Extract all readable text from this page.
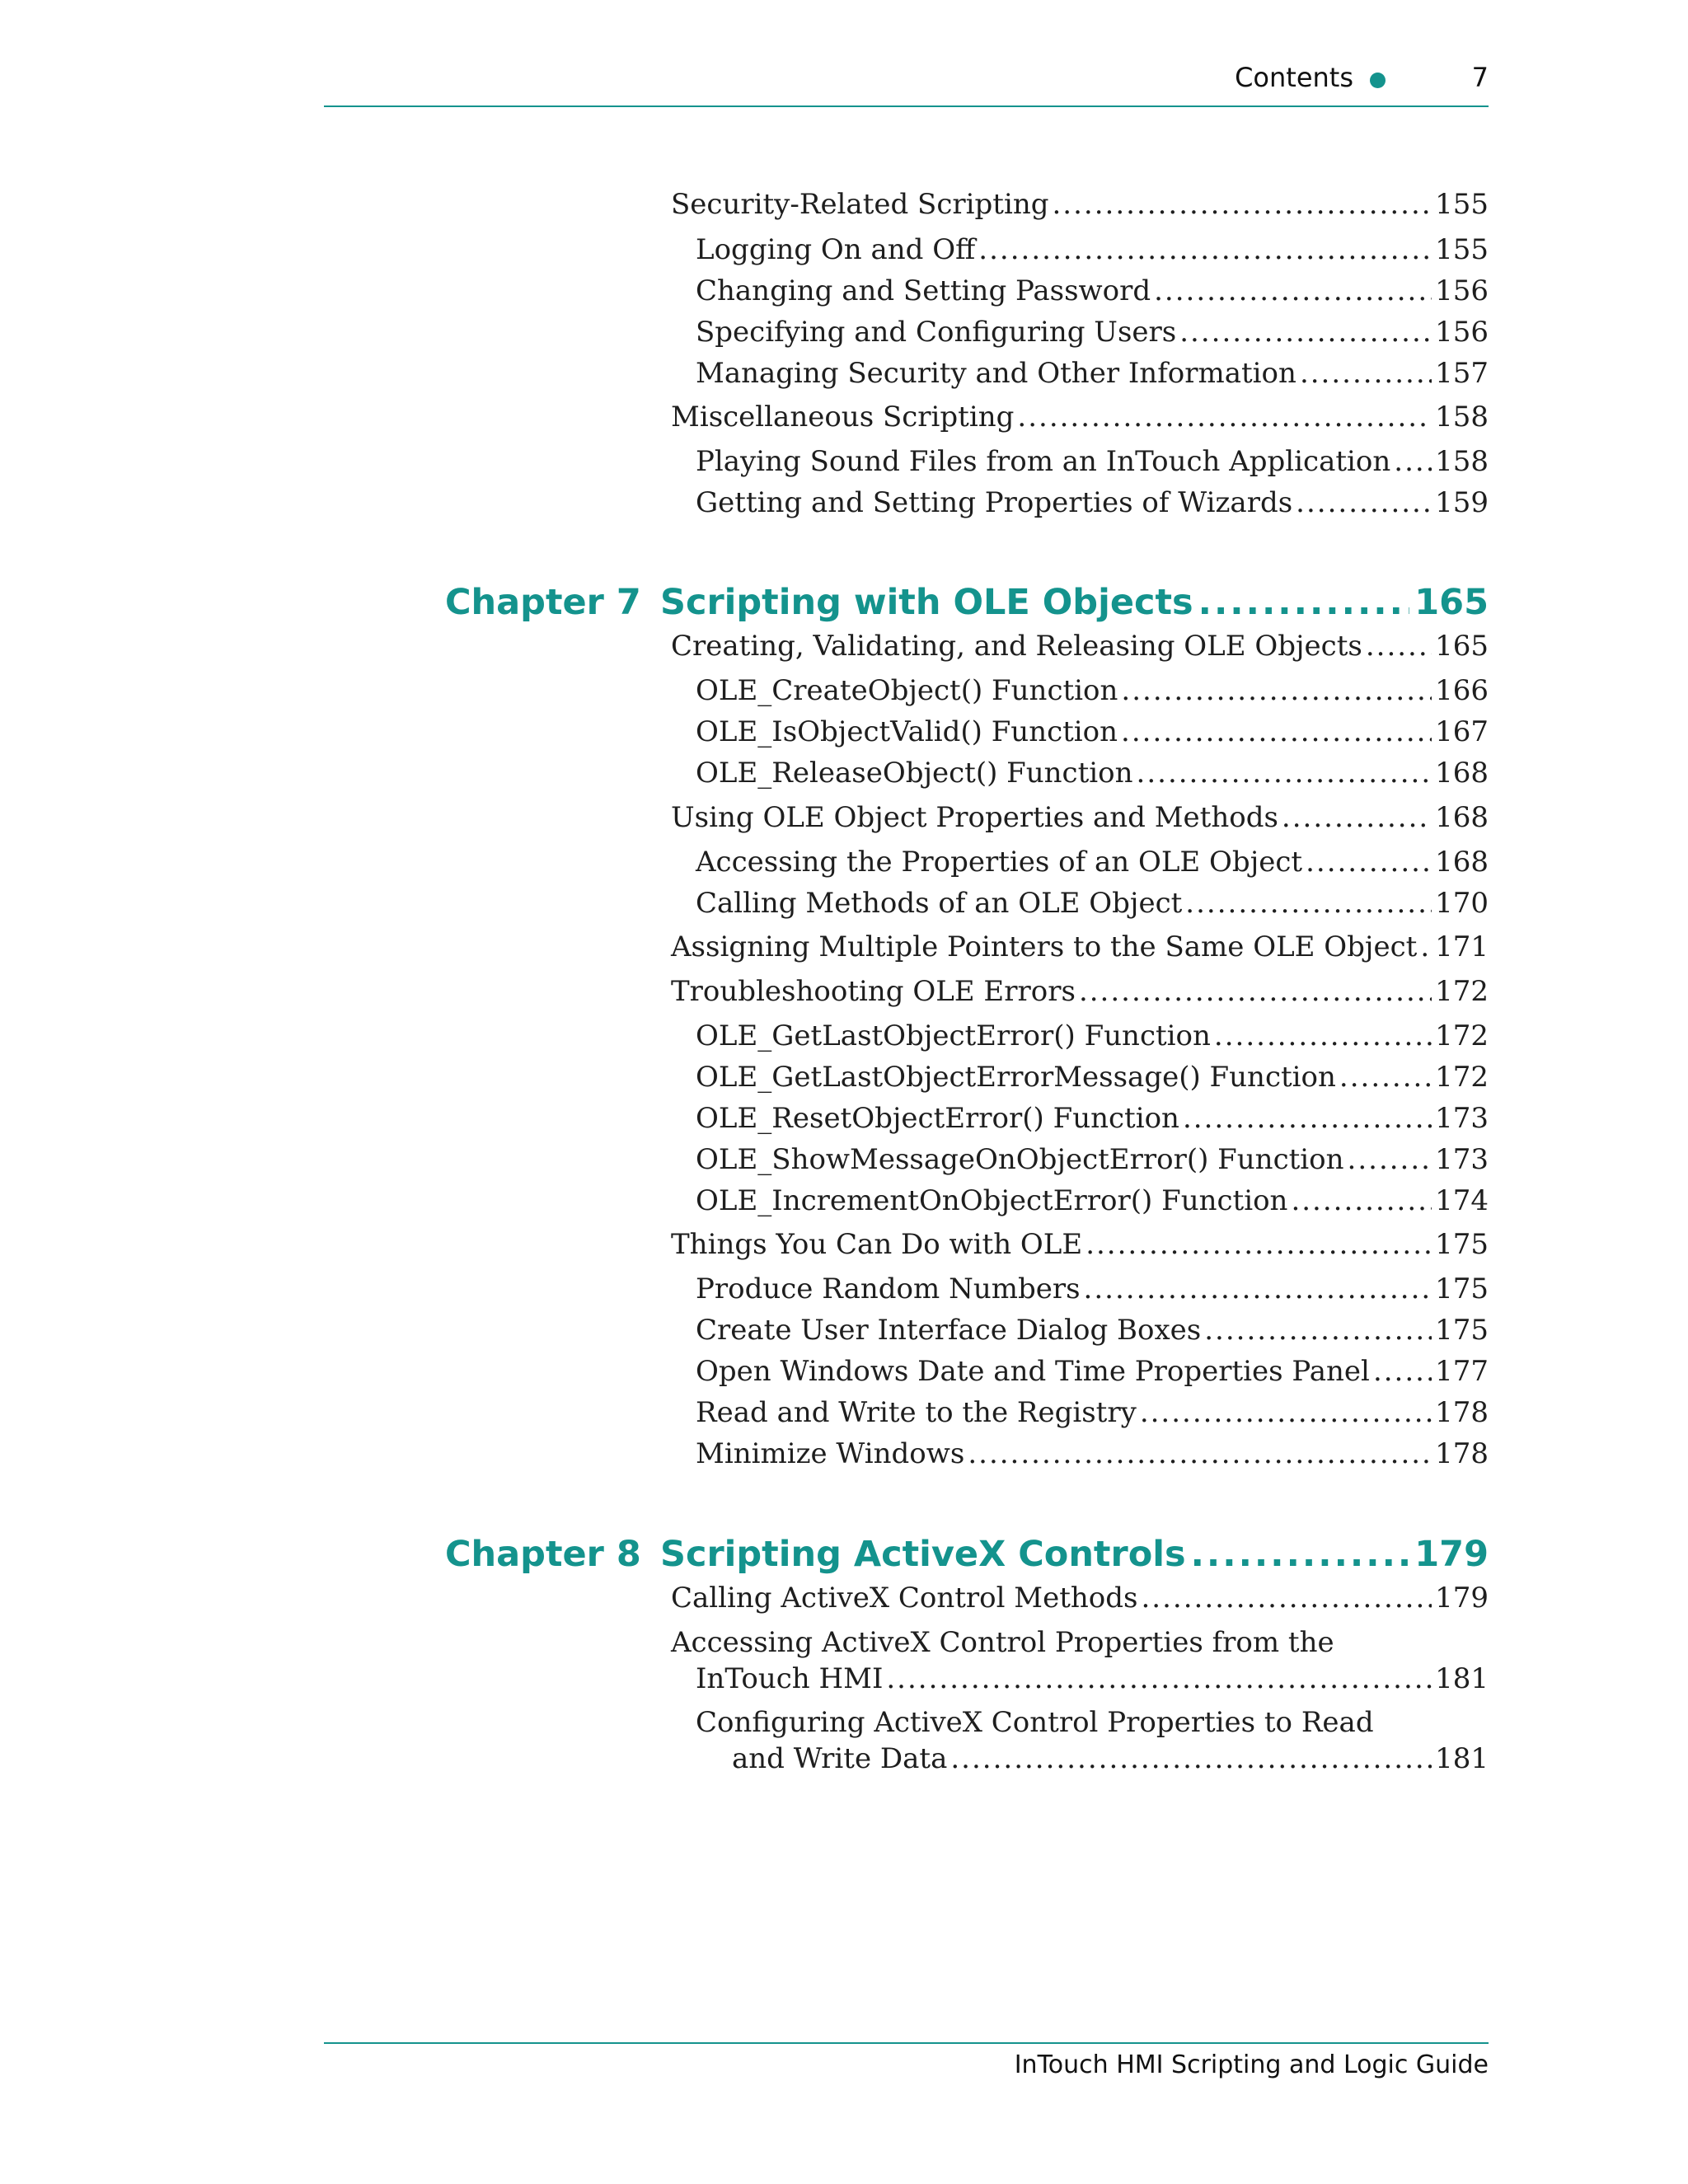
Contents	7
Security-Related Scripting .....	155
Logging On and Off .....	155
Changing and Setting Password .....	156
Specifying and Configuring Users .....	156
Managing Security and Other Information .....	157
Miscellaneous Scripting .....	158
Playing Sound Files from an InTouch Application ..... 158
Getting and Setting Properties of Wizards .....	159
Chapter 7 Scripting with OLE Objects .....	165
Creating, Validating, and Releasing OLE Objects .....	165
OLE_CreateObject() Function .....	166
OLE_IsObjectValid() Function .....	167
OLE_ReleaseObject() Function .....	168
Using OLE Object Properties and Methods .....	168
Accessing the Properties of an OLE Object .....	168
Calling Methods of an OLE Object .....	170
Assigning Multiple Pointers to the Same OLE Object ..... 171
Troubleshooting OLE Errors .....	172
OLE_GetLastObjectError() Function .....	172
OLE_GetLastObjectErrorMessage() Function .....	172
OLE_ResetObjectError() Function .....	173
OLE_ShowMessageOnObjectError() Function .....	173
OLE_IncrementOnObjectError() Function .....	174
Things You Can Do with OLE .....	175
Produce Random Numbers .....	175
Create User Interface Dialog Boxes .....	175
Open Windows Date and Time Properties Panel ..... 177
Read and Write to the Registry .....	178
Minimize Windows .....	178
Chapter 8 Scripting ActiveX Controls .....	179
Calling ActiveX Control Methods .....	179
Accessing ActiveX Control Properties from the
InTouch HMI .....	181
Configuring ActiveX Control Properties to Read
and Write Data .....	181
InTouch HMI Scripting and Logic Guide
